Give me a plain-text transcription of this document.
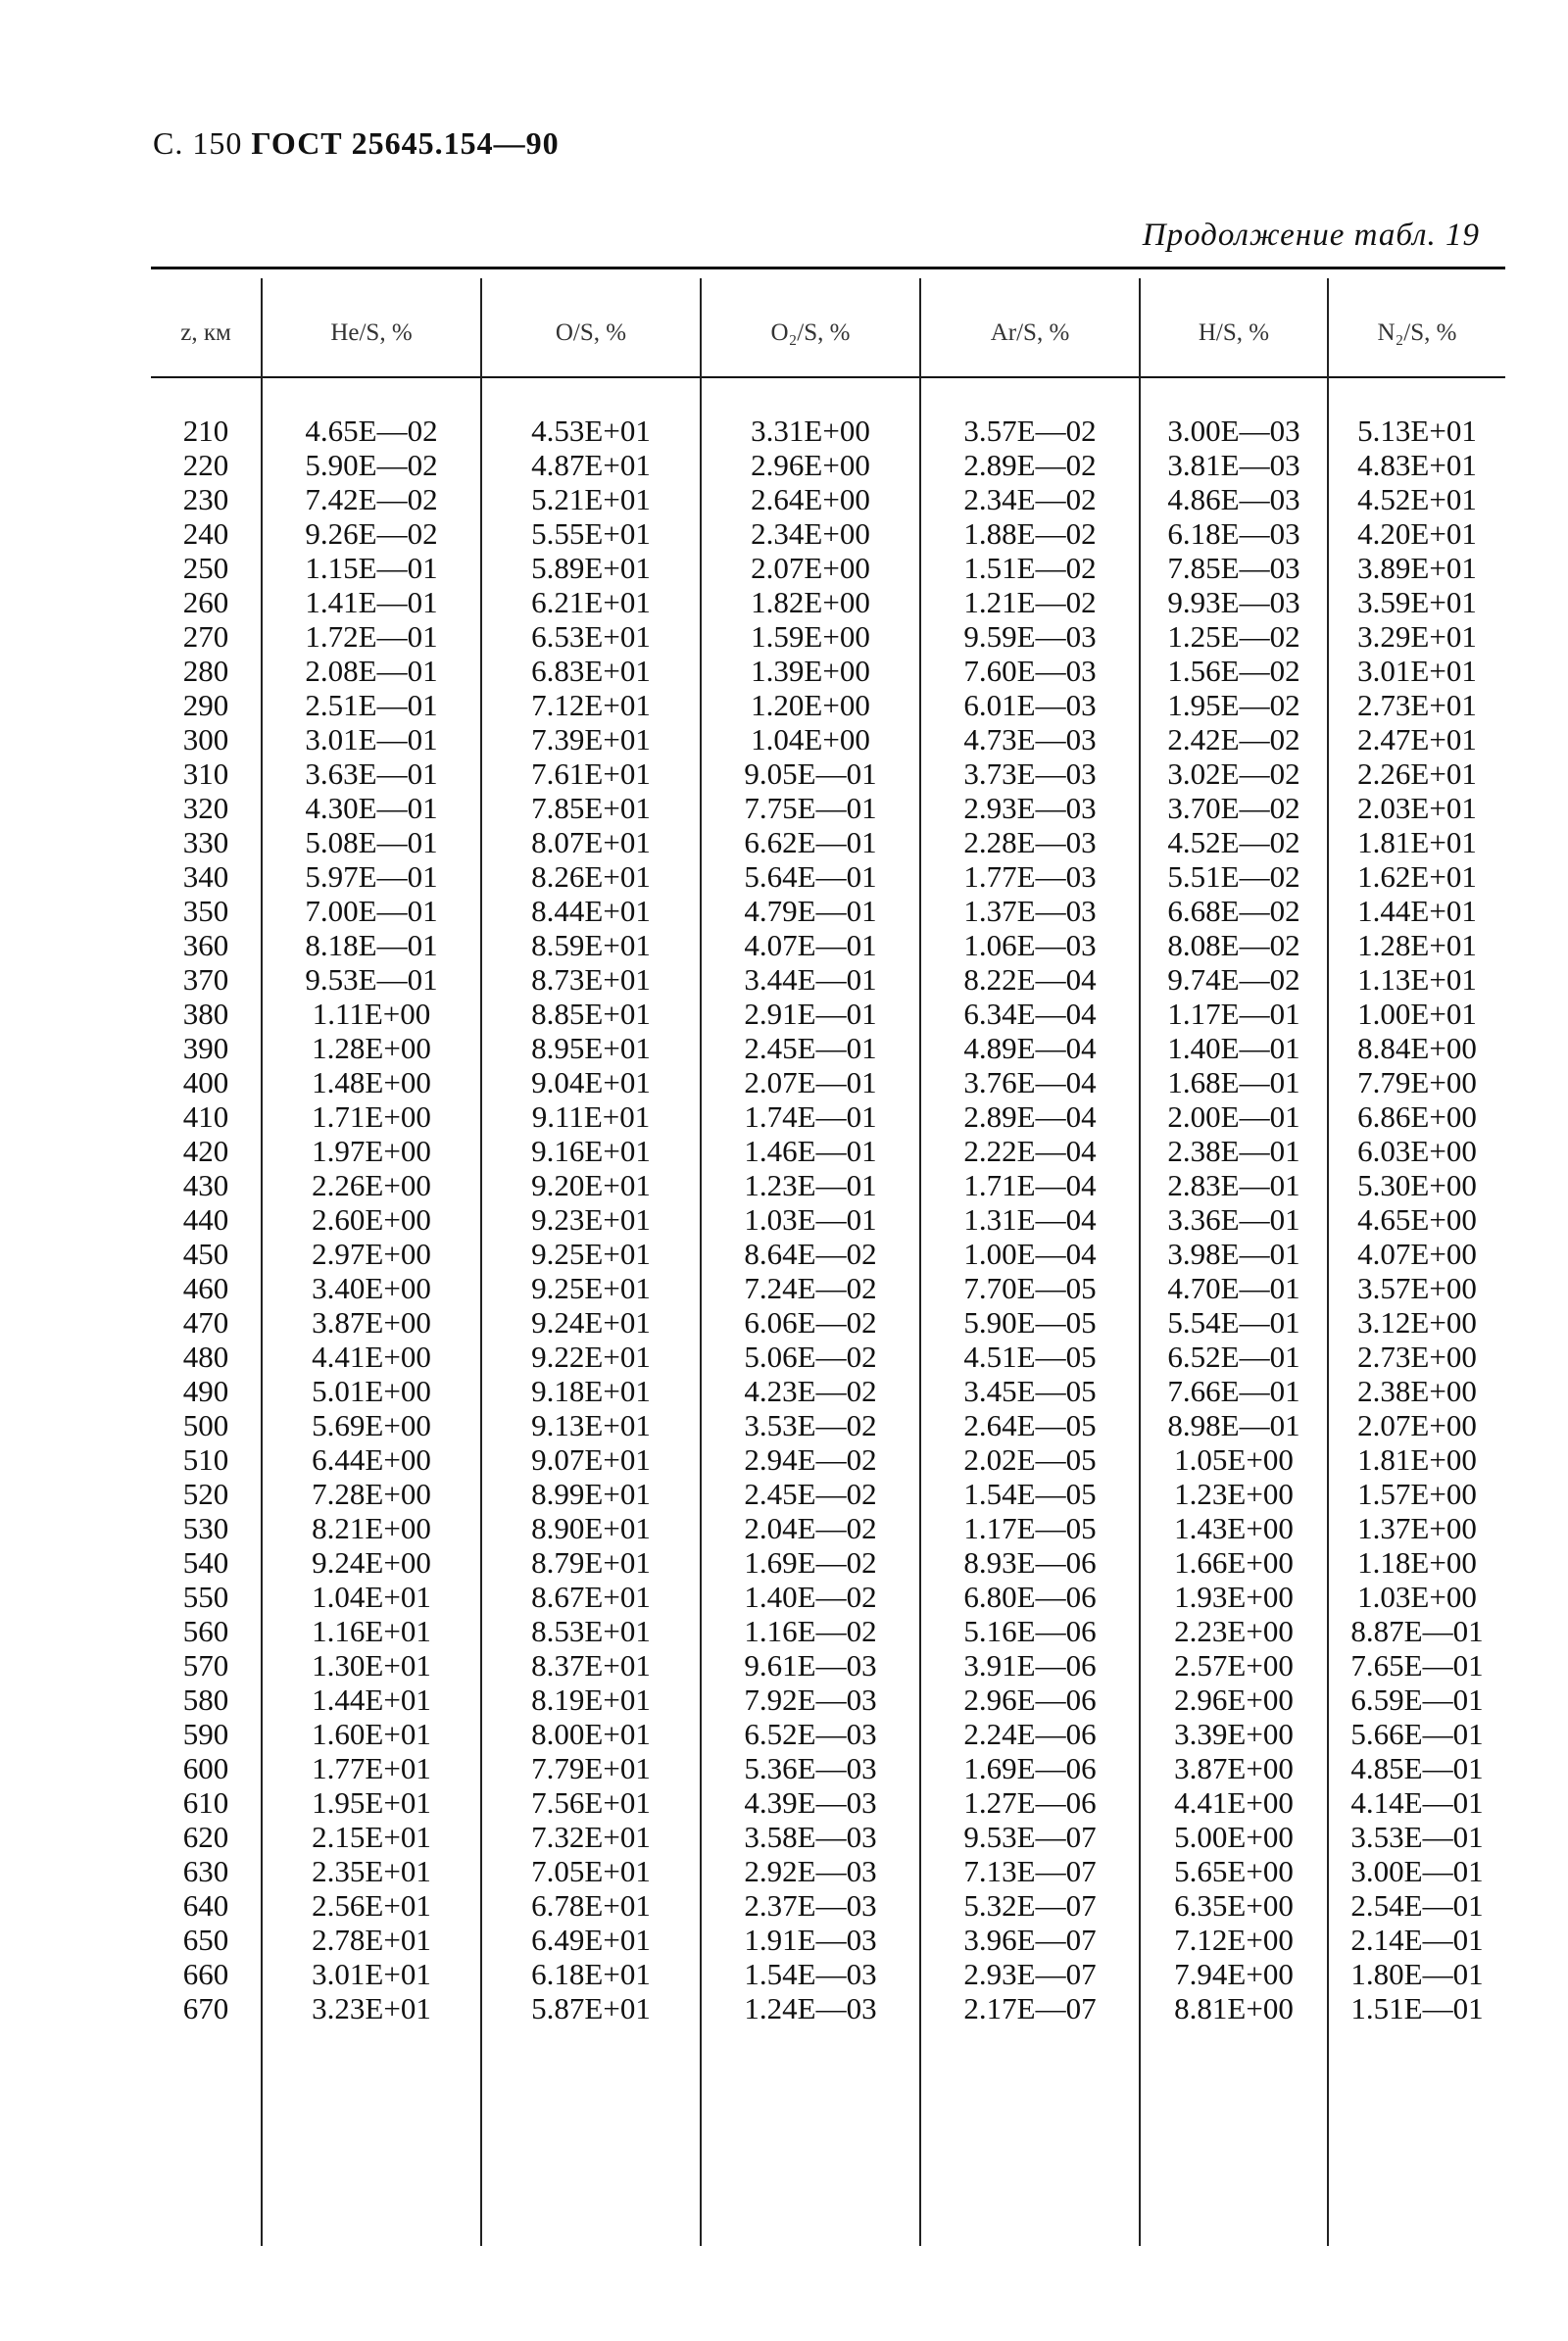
С. 150 ГОСТ 25645.154—90
Продолжение табл. 19
z, км	He/S, %	O/S, %	O₂/S, %	Ar/S, %	H/S, %	N₂/S, %
210	4.65E—02	4.53E+01	3.31E+00	3.57E—02	3.00E—03	5.13E+01
220	5.90E—02	4.87E+01	2.96E+00	2.89E—02	3.81E—03	4.83E+01
230	7.42E—02	5.21E+01	2.64E+00	2.34E—02	4.86E—03	4.52E+01
240	9.26E—02	5.55E+01	2.34E+00	1.88E—02	6.18E—03	4.20E+01
250	1.15E—01	5.89E+01	2.07E+00	1.51E—02	7.85E—03	3.89E+01
260	1.41E—01	6.21E+01	1.82E+00	1.21E—02	9.93E—03	3.59E+01
270	1.72E—01	6.53E+01	1.59E+00	9.59E—03	1.25E—02	3.29E+01
280	2.08E—01	6.83E+01	1.39E+00	7.60E—03	1.56E—02	3.01E+01
290	2.51E—01	7.12E+01	1.20E+00	6.01E—03	1.95E—02	2.73E+01
300	3.01E—01	7.39E+01	1.04E+00	4.73E—03	2.42E—02	2.47E+01
310	3.63E—01	7.61E+01	9.05E—01	3.73E—03	3.02E—02	2.26E+01
320	4.30E—01	7.85E+01	7.75E—01	2.93E—03	3.70E—02	2.03E+01
330	5.08E—01	8.07E+01	6.62E—01	2.28E—03	4.52E—02	1.81E+01
340	5.97E—01	8.26E+01	5.64E—01	1.77E—03	5.51E—02	1.62E+01
350	7.00E—01	8.44E+01	4.79E—01	1.37E—03	6.68E—02	1.44E+01
360	8.18E—01	8.59E+01	4.07E—01	1.06E—03	8.08E—02	1.28E+01
370	9.53E—01	8.73E+01	3.44E—01	8.22E—04	9.74E—02	1.13E+01
380	1.11E+00	8.85E+01	2.91E—01	6.34E—04	1.17E—01	1.00E+01
390	1.28E+00	8.95E+01	2.45E—01	4.89E—04	1.40E—01	8.84E+00
400	1.48E+00	9.04E+01	2.07E—01	3.76E—04	1.68E—01	7.79E+00
410	1.71E+00	9.11E+01	1.74E—01	2.89E—04	2.00E—01	6.86E+00
420	1.97E+00	9.16E+01	1.46E—01	2.22E—04	2.38E—01	6.03E+00
430	2.26E+00	9.20E+01	1.23E—01	1.71E—04	2.83E—01	5.30E+00
440	2.60E+00	9.23E+01	1.03E—01	1.31E—04	3.36E—01	4.65E+00
450	2.97E+00	9.25E+01	8.64E—02	1.00E—04	3.98E—01	4.07E+00
460	3.40E+00	9.25E+01	7.24E—02	7.70E—05	4.70E—01	3.57E+00
470	3.87E+00	9.24E+01	6.06E—02	5.90E—05	5.54E—01	3.12E+00
480	4.41E+00	9.22E+01	5.06E—02	4.51E—05	6.52E—01	2.73E+00
490	5.01E+00	9.18E+01	4.23E—02	3.45E—05	7.66E—01	2.38E+00
500	5.69E+00	9.13E+01	3.53E—02	2.64E—05	8.98E—01	2.07E+00
510	6.44E+00	9.07E+01	2.94E—02	2.02E—05	1.05E+00	1.81E+00
520	7.28E+00	8.99E+01	2.45E—02	1.54E—05	1.23E+00	1.57E+00
530	8.21E+00	8.90E+01	2.04E—02	1.17E—05	1.43E+00	1.37E+00
540	9.24E+00	8.79E+01	1.69E—02	8.93E—06	1.66E+00	1.18E+00
550	1.04E+01	8.67E+01	1.40E—02	6.80E—06	1.93E+00	1.03E+00
560	1.16E+01	8.53E+01	1.16E—02	5.16E—06	2.23E+00	8.87E—01
570	1.30E+01	8.37E+01	9.61E—03	3.91E—06	2.57E+00	7.65E—01
580	1.44E+01	8.19E+01	7.92E—03	2.96E—06	2.96E+00	6.59E—01
590	1.60E+01	8.00E+01	6.52E—03	2.24E—06	3.39E+00	5.66E—01
600	1.77E+01	7.79E+01	5.36E—03	1.69E—06	3.87E+00	4.85E—01
610	1.95E+01	7.56E+01	4.39E—03	1.27E—06	4.41E+00	4.14E—01
620	2.15E+01	7.32E+01	3.58E—03	9.53E—07	5.00E+00	3.53E—01
630	2.35E+01	7.05E+01	2.92E—03	7.13E—07	5.65E+00	3.00E—01
640	2.56E+01	6.78E+01	2.37E—03	5.32E—07	6.35E+00	2.54E—01
650	2.78E+01	6.49E+01	1.91E—03	3.96E—07	7.12E+00	2.14E—01
660	3.01E+01	6.18E+01	1.54E—03	2.93E—07	7.94E+00	1.80E—01
670	3.23E+01	5.87E+01	1.24E—03	2.17E—07	8.81E+00	1.51E—01
